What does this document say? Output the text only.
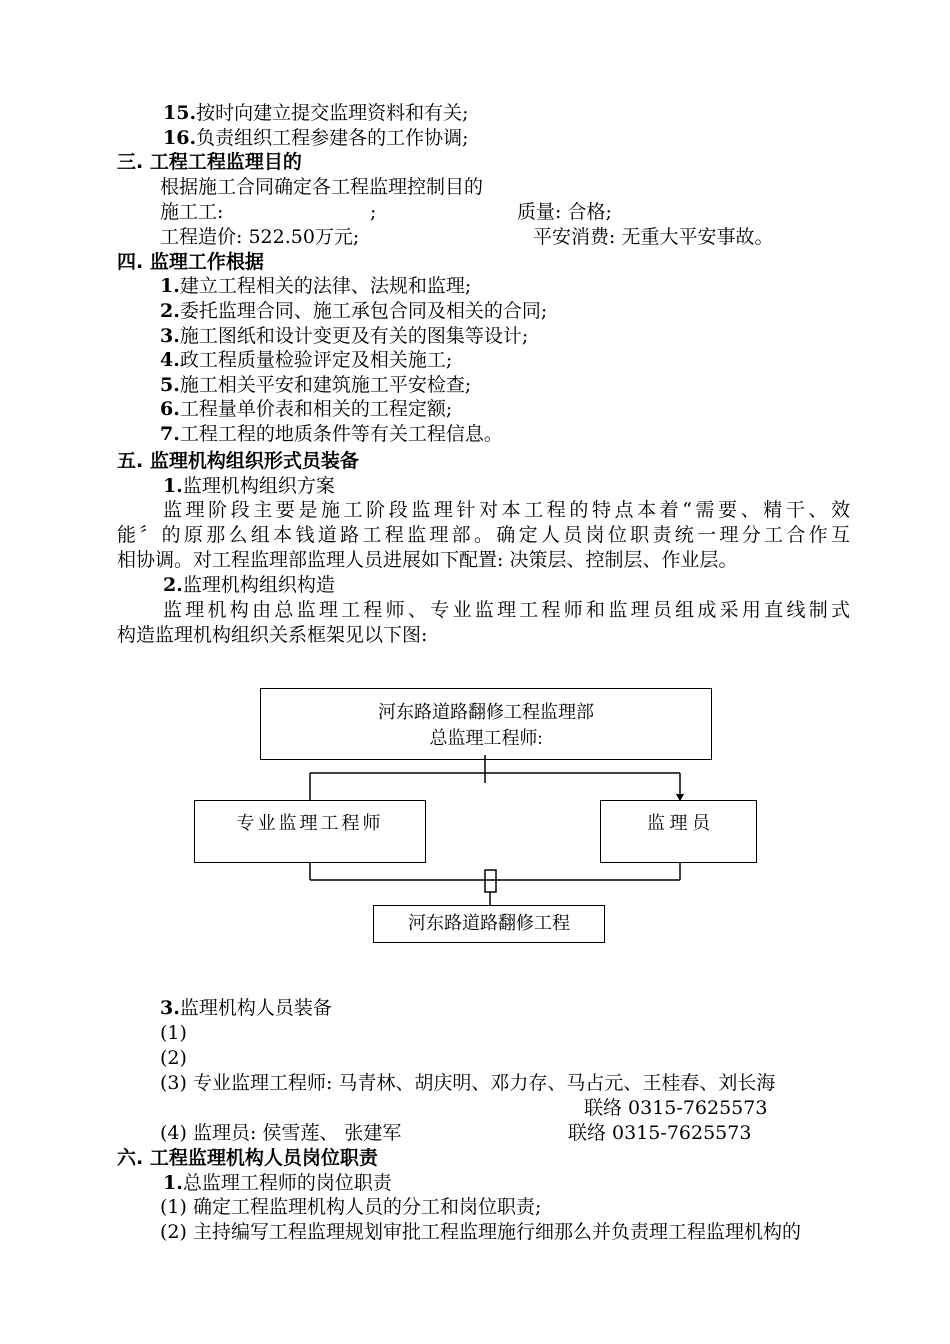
15.按时向建立提交监理资料和有关;
16.负责组织工程参建各的工作协调;
三. 工程工程监理目的
根据施工合同确定各工程监理控制目的
施工工:	;	质量: 合格;
工程造价: 522.50万元;	平安消费: 无重大平安事故。
四. 监理工作根据
1.建立工程相关的法律、法规和监理;
2.委托监理合同、施工承包合同及相关的合同;
3.施工图纸和设计变更及有关的图集等设计;
4.政工程质量检验评定及相关施工;
5.施工相关平安和建筑施工平安检查;
6.工程量单价表和相关的工程定额;
7.工程工程的地质条件等有关工程信息。
五. 监理机构组织形式员装备
1.监理机构组织方案
监理阶段主要是施工阶段监理针对本工程的特点本着“需要、精干、效
能〞的原那么组本钱道路工程监理部。确定人员岗位职责统一理分工合作互
相协调。对工程监理部监理人员进展如下配置: 决策层、控制层、作业层。
2.监理机构组织构造
监理机构由总监理工程师、专业监理工程师和监理员组成采用直线制式
构造监理机构组织关系框架见以下图:
河东路道路翻修工程监理部
总监理工程师:
专业监理工程师	监 理 员
河东路道路翻修工程
3.监理机构人员装备
(1)
(2)
(3) 专业监理工程师: 马青林、胡庆明、邓力存、马占元、王桂春、刘长海
联络 0315-7625573
(4) 监理员: 侯雪莲、 张建军	联络 0315-7625573
六. 工程监理机构人员岗位职责
1.总监理工程师的岗位职责
(1) 确定工程监理机构人员的分工和岗位职责;
(2) 主持编写工程监理规划审批工程监理施行细那么并负责理工程监理机构的
